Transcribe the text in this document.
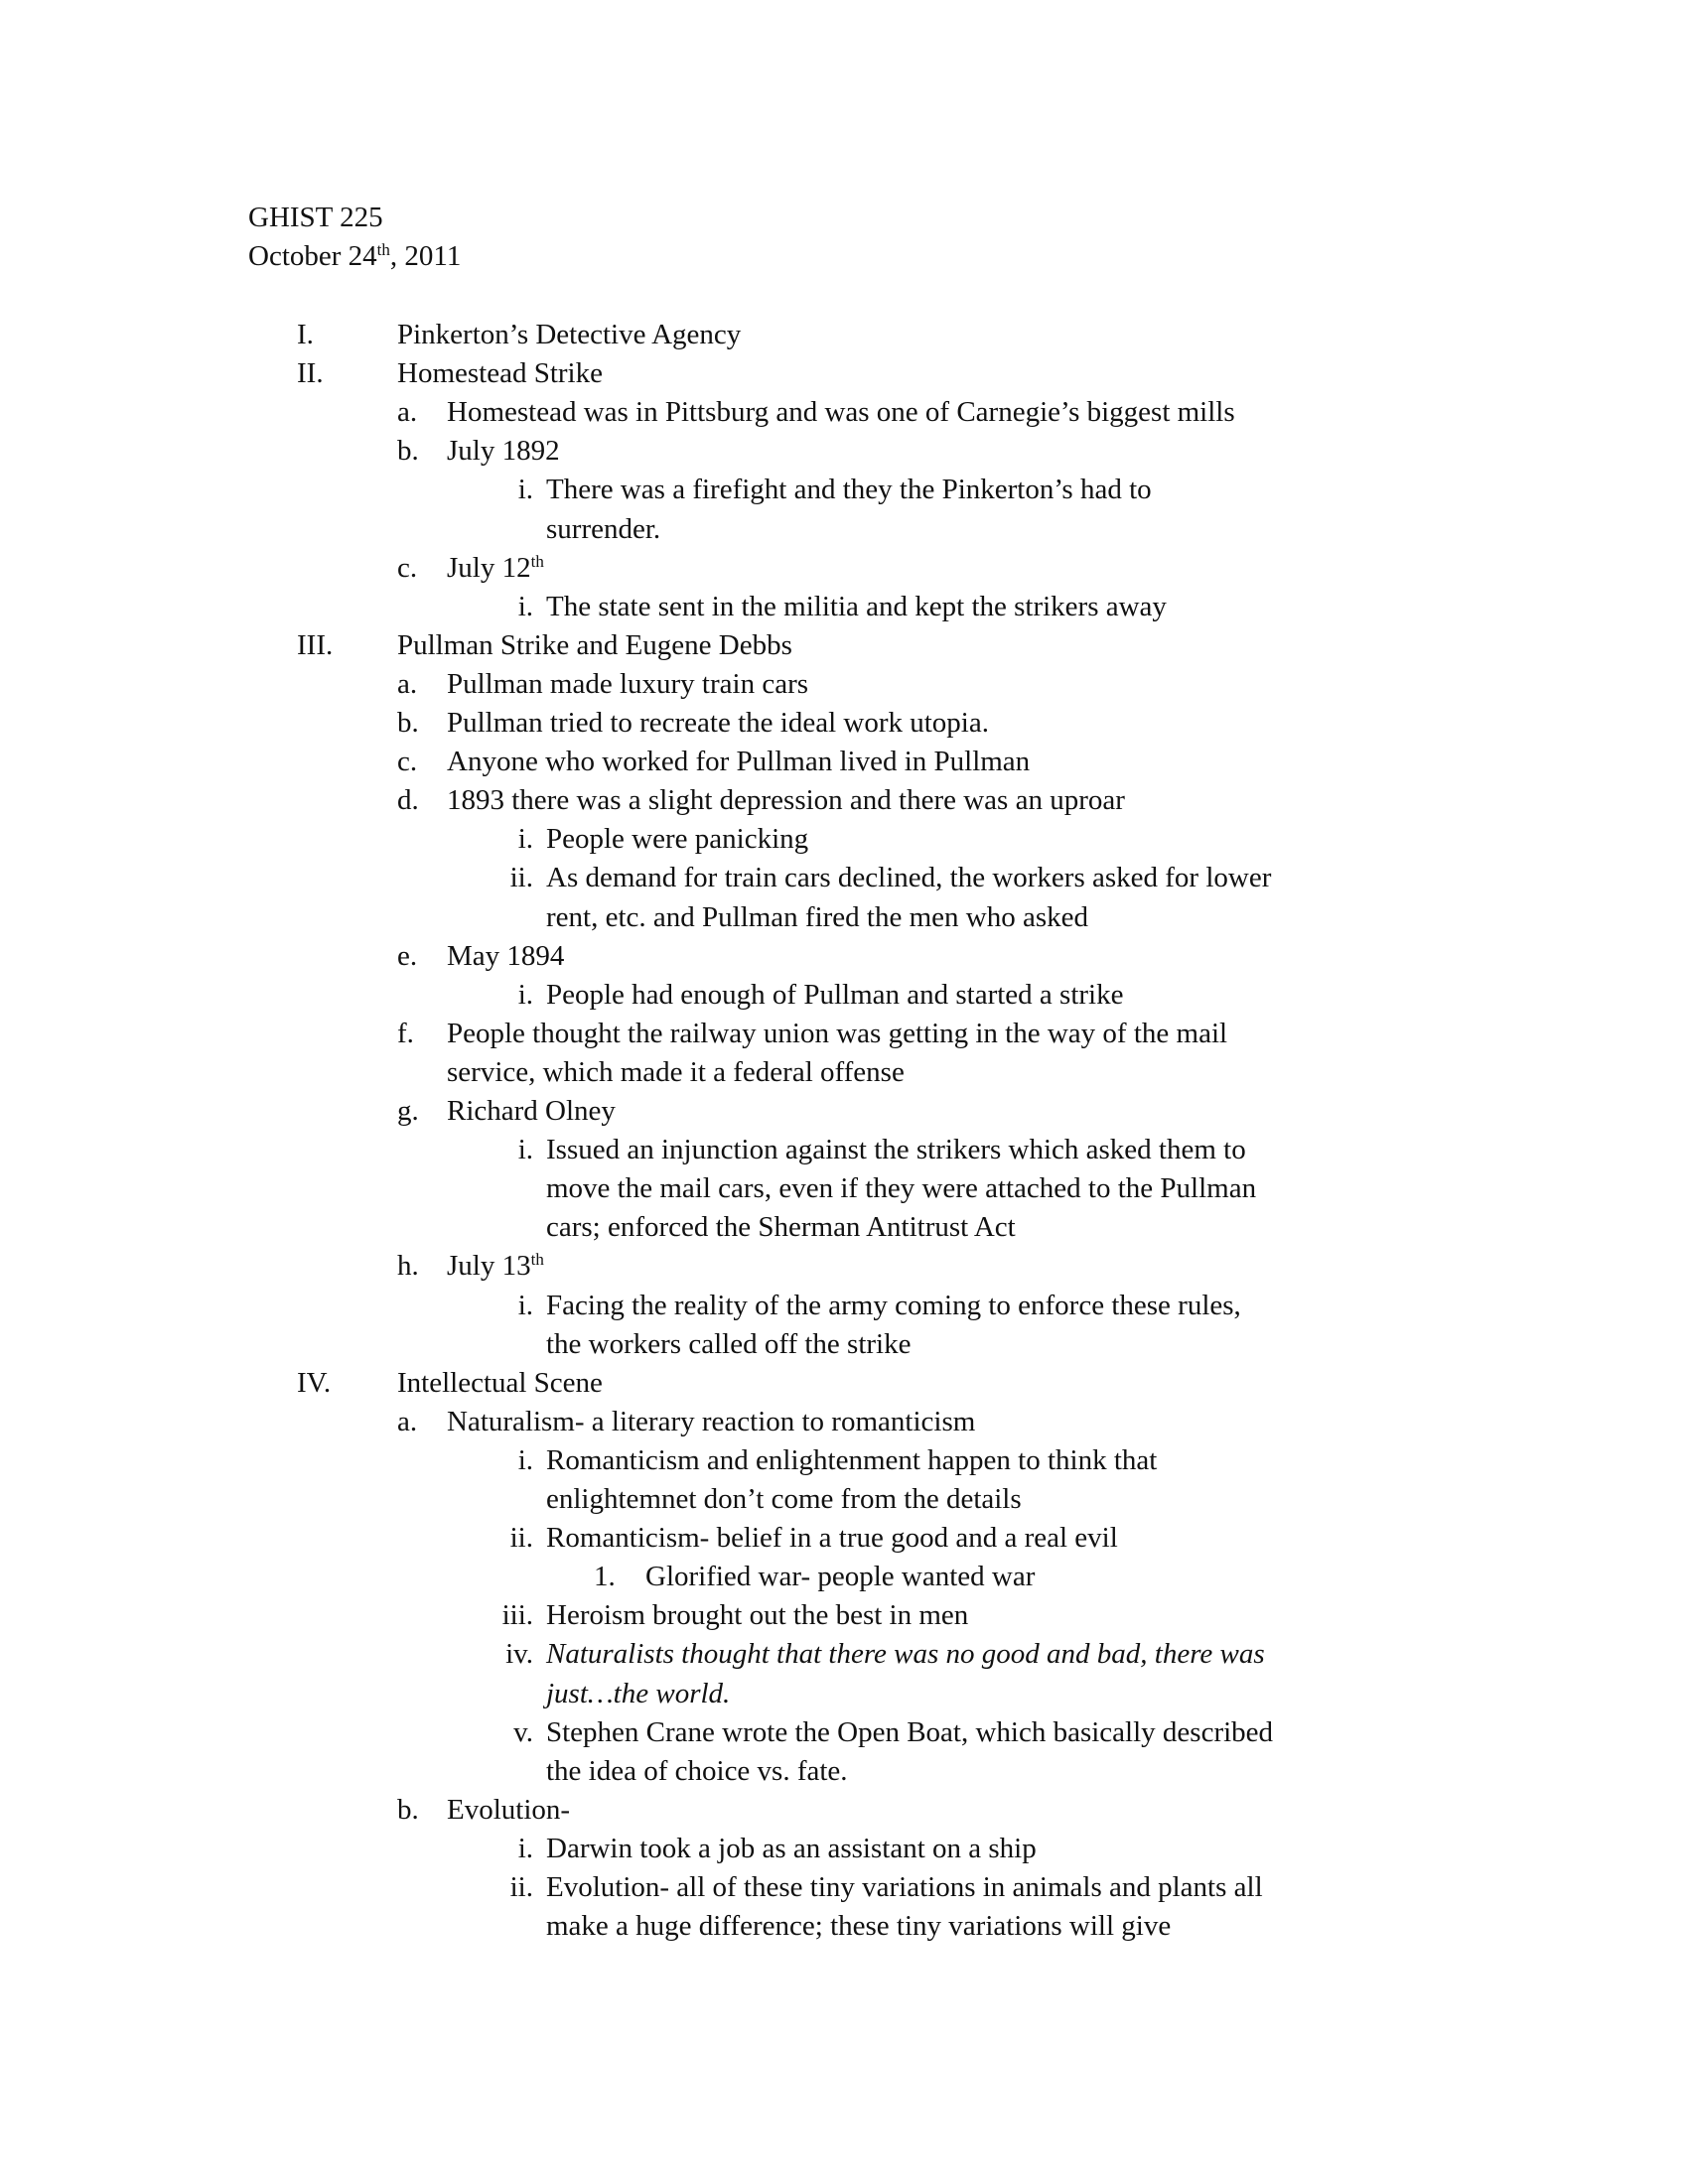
GHIST 225
October 24th, 2011
I.	Pinkerton’s Detective Agency
II.	Homestead Strike
a. Homestead was in Pittsburg and was one of Carnegie’s biggest mills
b. July 1892
i. There was a firefight and they the Pinkerton’s had to
surrender.
c. July 12th
i. The state sent in the militia and kept the strikers away
III. Pullman Strike and Eugene Debbs
a. Pullman made luxury train cars
b. Pullman tried to recreate the ideal work utopia.
c. Anyone who worked for Pullman lived in Pullman
d. 1893 there was a slight depression and there was an uproar
i. People were panicking
ii. As demand for train cars declined, the workers asked for lower
rent, etc. and Pullman fired the men who asked
e. May 1894
i. People had enough of Pullman and started a strike
f. People thought the railway union was getting in the way of the mail
service, which made it a federal offense
g. Richard Olney
i. Issued an injunction against the strikers which asked them to
move the mail cars, even if they were attached to the Pullman
cars; enforced the Sherman Antitrust Act
h. July 13th
i. Facing the reality of the army coming to enforce these rules,
the workers called off the strike
IV. Intellectual Scene
a. Naturalism- a literary reaction to romanticism
i. Romanticism and enlightenment happen to think that
enlightemnet don’t come from the details
ii. Romanticism- belief in a true good and a real evil
1. Glorified war- people wanted war
iii. Heroism brought out the best in men
iv. Naturalists thought that there was no good and bad, there was
just…the world.
v. Stephen Crane wrote the Open Boat, which basically described
the idea of choice vs. fate.
b. Evolution-
i. Darwin took a job as an assistant on a ship
ii. Evolution- all of these tiny variations in animals and plants all
make a huge difference; these tiny variations will give
